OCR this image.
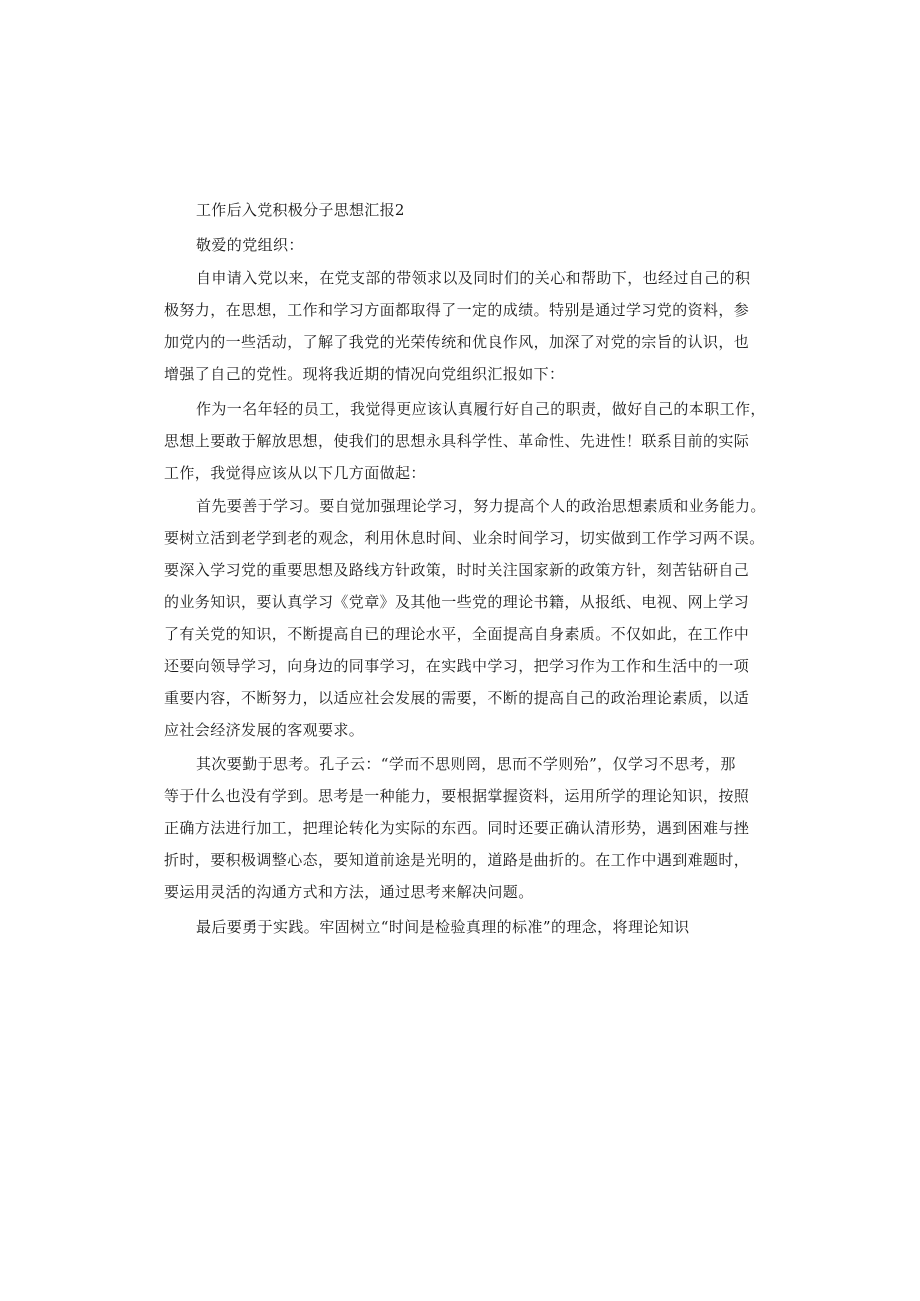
工作后入党积极分子思想汇报2
敬爱的党组织：
自申请入党以来，在党支部的带领求以及同时们的关心和帮助下，也经过自己的积
极努力，在思想，工作和学习方面都取得了一定的成绩。特别是通过学习党的资料，参
加党内的一些活动，了解了我党的光荣传统和优良作风，加深了对党的宗旨的认识，也
增强了自己的党性。现将我近期的情况向党组织汇报如下：
作为一名年轻的员工，我觉得更应该认真履行好自己的职责，做好自己的本职工作，
思想上要敢于解放思想，使我们的思想永具科学性、革命性、先进性！联系目前的实际
工作，我觉得应该从以下几方面做起：
首先要善于学习。要自觉加强理论学习，努力提高个人的政治思想素质和业务能力。
要树立活到老学到老的观念，利用休息时间、业余时间学习，切实做到工作学习两不误。
要深入学习党的重要思想及路线方针政策，时时关注国家新的政策方针，刻苦钻研自己
的业务知识，要认真学习《党章》及其他一些党的理论书籍，从报纸、电视、网上学习
了有关党的知识，不断提高自已的理论水平，全面提高自身素质。不仅如此，在工作中
还要向领导学习，向身边的同事学习，在实践中学习，把学习作为工作和生活中的一项
重要内容，不断努力，以适应社会发展的需要，不断的提高自己的政治理论素质，以适
应社会经济发展的客观要求。
其次要勤于思考。孔子云：“学而不思则罔，思而不学则殆”，仅学习不思考，那
等于什么也没有学到。思考是一种能力，要根据掌握资料，运用所学的理论知识，按照
正确方法进行加工，把理论转化为实际的东西。同时还要正确认清形势，遇到困难与挫
折时，要积极调整心态，要知道前途是光明的，道路是曲折的。在工作中遇到难题时，
要运用灵活的沟通方式和方法，通过思考来解决问题。
最后要勇于实践。牢固树立“时间是检验真理的标准”的理念，将理论知识
